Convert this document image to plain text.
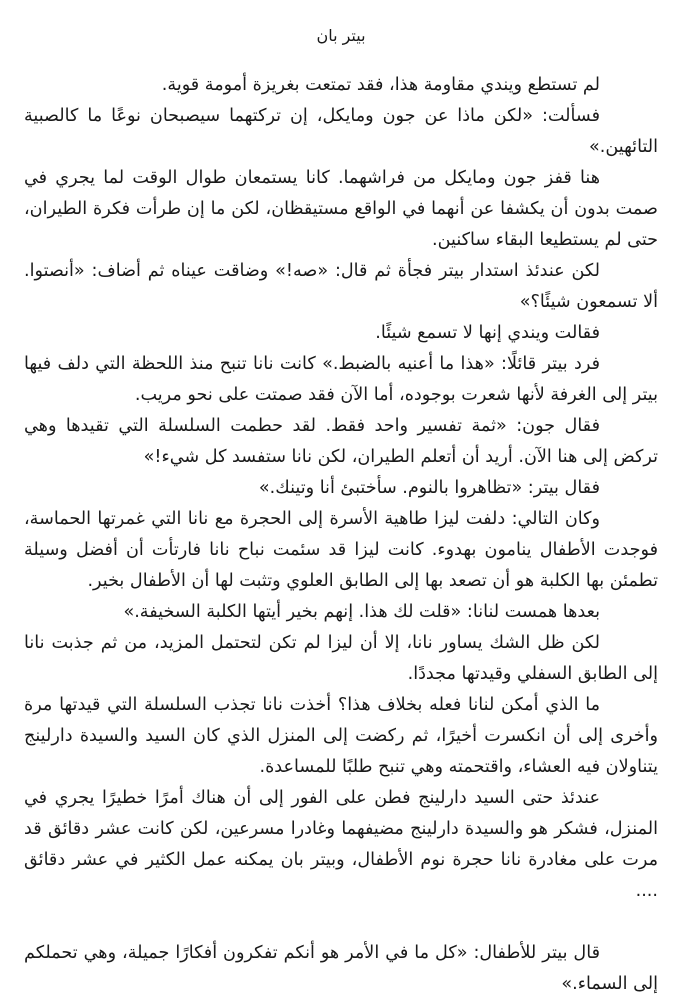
بيتر بان

لم تستطع ويندي مقاومة هذا، فقد تمتعت بغريزة أمومة قوية.

فسألت: «لكن ماذا عن جون ومايكل، إن تركتهما سيصبحان نوعًا ما كالصبية التائهين.»

هنا قفز جون ومايكل من فراشهما. كانا يستمعان طوال الوقت لما يجري في صمت بدون أن يكشفا عن أنهما في الواقع مستيقظان، لكن ما إن طرأت فكرة الطيران، حتى لم يستطيعا البقاء ساكنين.

لكن عندئذ استدار بيتر فجأة ثم قال: «صه!» وضاقت عيناه ثم أضاف: «أنصتوا. ألا تسمعون شيئًا؟»

فقالت ويندي إنها لا تسمع شيئًا.

فرد بيتر قائلًا: «هذا ما أعنيه بالضبط.» كانت نانا تنبح منذ اللحظة التي دلف فيها بيتر إلى الغرفة لأنها شعرت بوجوده، أما الآن فقد صمتت على نحو مريب.

فقال جون: «ثمة تفسير واحد فقط. لقد حطمت السلسلة التي تقيدها وهي تركض إلى هنا الآن. أريد أن أتعلم الطيران، لكن نانا ستفسد كل شيء!»

فقال بيتر: «تظاهروا بالنوم. سأختبئ أنا وتينك.»

وكان التالي: دلفت ليزا طاهية الأسرة إلى الحجرة مع نانا التي غمرتها الحماسة، فوجدت الأطفال ينامون بهدوء. كانت ليزا قد سئمت نباح نانا فارتأت أن أفضل وسيلة تطمئن بها الكلبة هو أن تصعد بها إلى الطابق العلوي وتثبت لها أن الأطفال بخير.

بعدها همست لنانا: «قلت لك هذا. إنهم بخير أيتها الكلبة السخيفة.»

لكن ظل الشك يساور نانا، إلا أن ليزا لم تكن لتحتمل المزيد، من ثم جذبت نانا إلى الطابق السفلي وقيدتها مجددًا.

ما الذي أمكن لنانا فعله بخلاف هذا؟ أخذت نانا تجذب السلسلة التي قيدتها مرة وأخرى إلى أن انكسرت أخيرًا، ثم ركضت إلى المنزل الذي كان السيد والسيدة دارلينج يتناولان فيه العشاء، واقتحمته وهي تنبح طلبًا للمساعدة.

عندئذ حتى السيد دارلينج فطن على الفور إلى أن هناك أمرًا خطيرًا يجري في المنزل، فشكر هو والسيدة دارلينج مضيفهما وغادرا مسرعين، لكن كانت عشر دقائق قد مرت على مغادرة نانا حجرة نوم الأطفال، وبيتر بان يمكنه عمل الكثير في عشر دقائق ....

قال بيتر للأطفال: «كل ما في الأمر هو أنكم تفكرون أفكارًا جميلة، وهي تحملكم إلى السماء.»
